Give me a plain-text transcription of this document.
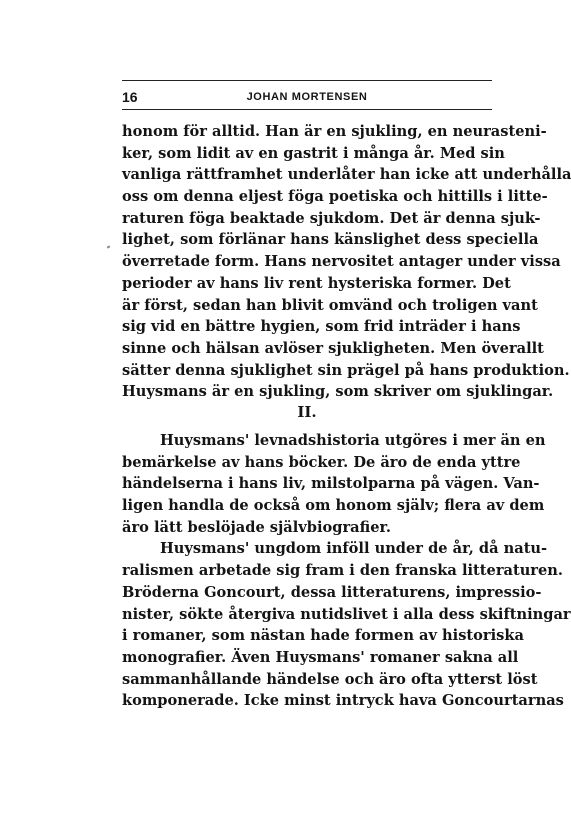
16	JOHAN MORTENSEN
honom för alltid. Han är en sjukling, en neurasteni-
ker, som lidit av en gastrit i många år. Med sin
vanliga rättframhet underlåter han icke att underhålla
oss om denna eljest föga poetiska och hittills i litte-
raturen föga beaktade sjukdom. Det är denna sjuk-
lighet, som förlänar hans känslighet dess speciella
överretade form. Hans nervositet antager under vissa
perioder av hans liv rent hysteriska former. Det
är först, sedan han blivit omvänd och troligen vant
sig vid en bättre hygien, som frid inträder i hans
sinne och hälsan avlöser sjukligheten. Men överallt
sätter denna sjuklighet sin prägel på hans produktion.
Huysmans är en sjukling, som skriver om sjuklingar.
II.
Huysmans' levnadshistoria utgöres i mer än en
bemärkelse av hans böcker. De äro de enda yttre
händelserna i hans liv, milstolparna på vägen. Van-
ligen handla de också om honom själv; flera av dem
äro lätt beslöjade självbiografier.
Huysmans' ungdom inföll under de år, då natu-
ralismen arbetade sig fram i den franska litteraturen.
Bröderna Goncourt, dessa litteraturens, impressio-
nister, sökte återgiva nutidslivet i alla dess skiftningar
i romaner, som nästan hade formen av historiska
monografier. Även Huysmans' romaner sakna all
sammanhållande händelse och äro ofta ytterst löst
komponerade. Icke minst intryck hava Goncourtarnas
